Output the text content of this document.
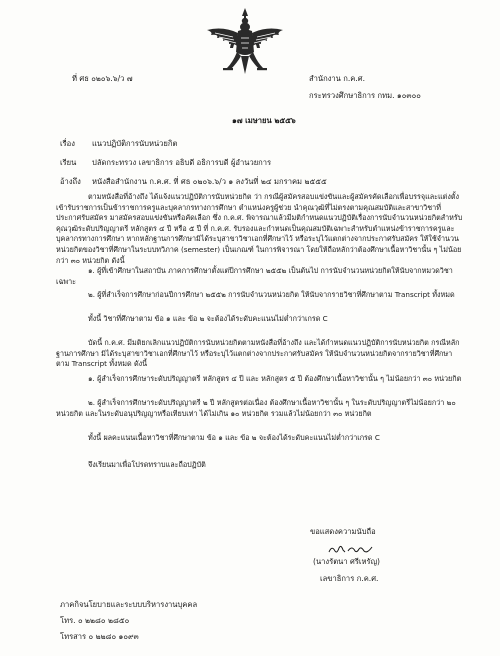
ที่ ศธ ๐๒๐๖.๖/ว ๗	สำนักงาน ก.ค.ศ.
กระทรวงศึกษาธิการ กทม. ๑๐๓๐๐
๑๗ เมษายน ๒๕๕๖
เรื่อง แนวปฏิบัติการนับหน่วยกิต
เรียน ปลัดกระทรวง เลขาธิการ อธิบดี อธิการบดี ผู้อำนวยการ
อ้างถึง หนังสือสำนักงาน ก.ค.ศ. ที่ ศธ ๐๒๐๖.๖/ว ๑ ลงวันที่ ๒๔ มกราคม ๒๕๕๕
ตามหนังสือที่อ้างถึง ได้แจ้งแนวปฏิบัติการนับหน่วยกิต ว่า กรณีผู้สมัครสอบแข่งขันและผู้สมัครคัดเลือกเพื่อบรรจุและแต่งตั้งเข้ารับราชการเป็นข้าราชการครูและบุคลากรทางการศึกษา ตำแหน่งครูผู้ช่วย นำคุณวุฒิที่ไม่ตรงตามคุณสมบัติและสาขาวิชาที่ประกาศรับสมัคร มาสมัครสอบแข่งขันหรือคัดเลือก ซึ่ง ก.ค.ศ. พิจารณาแล้วมีมติกำหนดแนวปฏิบัติเรื่องการนับจำนวนหน่วยกิตสำหรับคุณวุฒิระดับปริญญาตรี หลักสูตร ๔ ปี หรือ ๕ ปี ที่ ก.ค.ศ. รับรองและกำหนดเป็นคุณสมบัติเฉพาะสำหรับตำแหน่งข้าราชการครูและบุคลากรทางการศึกษา หากหลักฐานการศึกษามิได้ระบุสาขาวิชาเอกที่ศึกษาไว้ หรือระบุไว้แตกต่างจากประกาศรับสมัคร ให้ใช้จำนวนหน่วยกิตของวิชาที่ศึกษาในระบบทวิภาค (semester) เป็นเกณฑ์ ในการพิจารณา โดยให้ถือหลักว่าต้องศึกษาเนื้อหาวิชานั้น ๆ ไม่น้อยกว่า ๓๐ หน่วยกิต ดังนี้
๑. ผู้ที่เข้าศึกษาในสถาบัน ภาคการศึกษาตั้งแต่ปีการศึกษา ๒๕๕๒ เป็นต้นไป การนับจำนวนหน่วยกิตให้นับจากหมวดวิชาเฉพาะ
๒. ผู้ที่สำเร็จการศึกษาก่อนปีการศึกษา ๒๕๕๒ การนับจำนวนหน่วยกิต ให้นับจากรายวิชาที่ศึกษาตาม Transcript ทั้งหมด
ทั้งนี้ วิชาที่ศึกษาตาม ข้อ ๑ และ ข้อ ๒ จะต้องได้ระดับคะแนนไม่ต่ำกว่าเกรด C
บัดนี้ ก.ค.ศ. มีมติยกเลิกแนวปฏิบัติการนับหน่วยกิตตามหนังสือที่อ้างถึง และได้กำหนดแนวปฏิบัติการนับหน่วยกิต กรณีหลักฐานการศึกษา มิได้ระบุสาขาวิชาเอกที่ศึกษาไว้ หรือระบุไว้แตกต่างจากประกาศรับสมัคร ให้นับจำนวนหน่วยกิตจากรายวิชาที่ศึกษาตาม Transcript ทั้งหมด ดังนี้
๑. ผู้สำเร็จการศึกษาระดับปริญญาตรี หลักสูตร ๔ ปี และ หลักสูตร ๕ ปี ต้องศึกษาเนื้อหาวิชานั้น ๆ ไม่น้อยกว่า ๓๐ หน่วยกิต
๒. ผู้สำเร็จการศึกษาระดับปริญญาตรี ๒ ปี หลักสูตรต่อเนื่อง ต้องศึกษาเนื้อหาวิชานั้น ๆ ในระดับปริญญาตรีไม่น้อยกว่า ๒๐ หน่วยกิต และในระดับอนุปริญญาหรือเทียบเท่า ได้ไม่เกิน ๑๐ หน่วยกิต รวมแล้วไม่น้อยกว่า ๓๐ หน่วยกิต
ทั้งนี้ ผลคะแนนเนื้อหาวิชาที่ศึกษาตาม ข้อ ๑ และ ข้อ ๒ จะต้องได้ระดับคะแนนไม่ต่ำกว่าเกรด C
จึงเรียนมาเพื่อโปรดทราบและถือปฏิบัติ
ขอแสดงความนับถือ
(นางรัตนา ศรีเหรัญ)
เลขาธิการ ก.ค.ศ.
ภาคกิจนโยบายและระบบบริหารงานบุคคล
โทร. ๐ ๒๒๘๐ ๒๘๕๐
โทรสาร ๐ ๒๒๘๐ ๑๐๙๓
